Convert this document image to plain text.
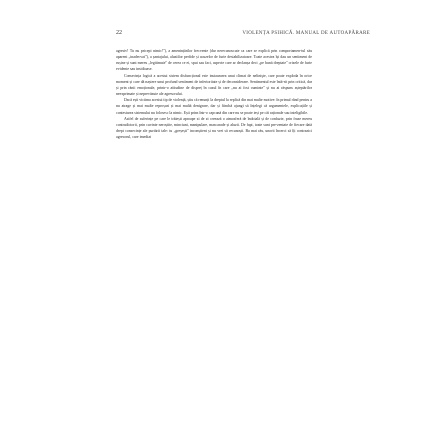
22	VIOLENȚA PSIHICĂ. MANUAL DE AUTOAPĂRARE

agresiv! Tu nu pricepi nimic!"), a amenințărilor frecvente (dar nerecunoscute ca care se explică prin comportamen-tul său aparent „inadecvat"), a șantajului, aluziilor perfide și acuzelor de furie destabilizatoare. Toate acestea își dau un sentiment de rușine și sunt mereu „legitimate" de cerea ce ei, spui sau faci, aspecte care ar declanșa deci „pe bună dreptate" crizele de furie evidente sau insidioase.

Consecința logică a acestui sistem disfuncțional este instaurarea unui climat de nelinişte, care poate exploda în orice moment și care dă naștere unui profund sentiment de inferioritate și de deconsiderare. Sentimentul este întă-rit prin critică, dar și prin rănii emoționale, printr-o atitudine de dispreț în cazul în care „nu ai fost cuminte" și nu ai răspuns așteptărilor neexprimate și neprevăzute ale agresorului.

Dacă ești victima acestui tip de violență, știu că renunți la dreptul la replică din mai multe motive: în primul rând pentru a nu atrage și mai multe reproșuri și mai multă denigrare, dar și fiindcă ajungi să înțelegi că argumentele, explicațiile și contestarea sistemului nu folosesc la nimic. Ești prins într-o capcană din care nu se poate ieși pe căi raționale sau inteligibile.

Astfel de suferințe pe care le trăiești aproape zi de zi creează o atmosferă de îndoială și de confuzie, prin fraze mereu contradictorii, prin cuvinte neroștite, minciuni, manipulare, mascarade și aluzii. De fapt, toate sunt pre-zentate de fiecare dată drept consecințe ale purtării tale: tu „greșești" inconștient și nu vrei să recunoști. Ba mai rău, unorii încerci să îți contrazici agresorul, care imediat
